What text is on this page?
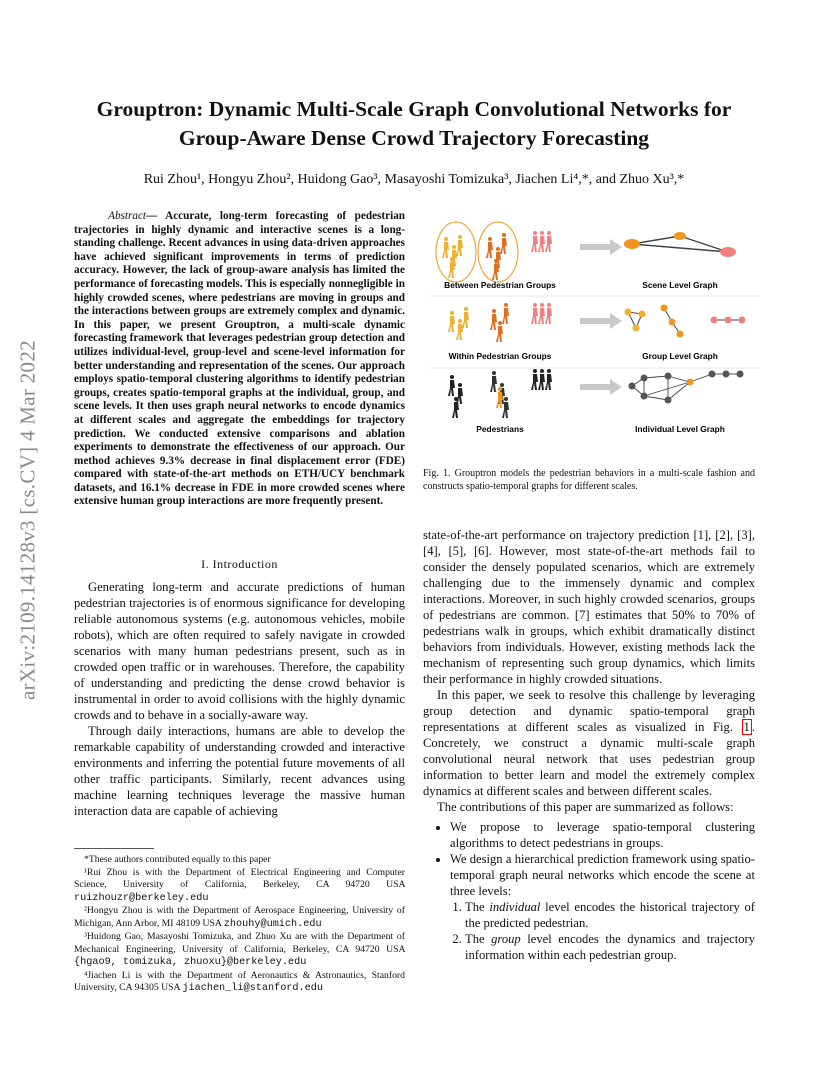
Grouptron: Dynamic Multi-Scale Graph Convolutional Networks for
Group-Aware Dense Crowd Trajectory Forecasting
Rui Zhou¹, Hongyu Zhou², Huidong Gao³, Masayoshi Tomizuka³, Jiachen Li⁴,*, and Zhuo Xu³,*
arXiv:2109.14128v3 [cs.CV] 4 Mar 2022
Abstract— Accurate, long-term forecasting of pedestrian trajectories in highly dynamic and interactive scenes is a long-standing challenge. Recent advances in using data-driven approaches have achieved significant improvements in terms of prediction accuracy. However, the lack of group-aware analysis has limited the performance of forecasting models. This is especially nonnegligible in highly crowded scenes, where pedestrians are moving in groups and the interactions between groups are extremely complex and dynamic. In this paper, we present Grouptron, a multi-scale dynamic forecasting framework that leverages pedestrian group detection and utilizes individual-level, group-level and scene-level information for better understanding and representation of the scenes. Our approach employs spatio-temporal clustering algorithms to identify pedestrian groups, creates spatio-temporal graphs at the individual, group, and scene levels. It then uses graph neural networks to encode dynamics at different scales and aggregate the embeddings for trajectory prediction. We conducted extensive comparisons and ablation experiments to demonstrate the effectiveness of our approach. Our method achieves 9.3% decrease in final displacement error (FDE) compared with state-of-the-art methods on ETH/UCY benchmark datasets, and 16.1% decrease in FDE in more crowded scenes where extensive human group interactions are more frequently present.
I. Introduction

Generating long-term and accurate predictions of human pedestrian trajectories is of enormous significance for developing reliable autonomous systems (e.g. autonomous vehicles, mobile robots), which are often required to safely navigate in crowded scenarios with many human pedestrians present, such as in crowded open traffic or in warehouses. Therefore, the capability of understanding and predicting the dense crowd behavior is instrumental in order to avoid collisions with the highly dynamic crowds and to behave in a socially-aware way.

Through daily interactions, humans are able to develop the remarkable capability of understanding crowded and interactive environments and inferring the potential future movements of all other traffic participants. Similarly, recent advances using machine learning techniques leverage the massive human interaction data are capable of achieving

*These authors contributed equally to this paper

¹Rui Zhou is with the Department of Electrical Engineering and Computer Science, University of California, Berkeley, CA 94720 USA ruizhouzr@berkeley.edu

²Hongyu Zhou is with the Department of Aerospace Engineering, University of Michigan, Ann Arbor, MI 48109 USA zhouhy@umich.edu

³Huidong Gao, Masayoshi Tomizuka, and Zhuo Xu are with the Department of Mechanical Engineering, University of California, Berkeley, CA 94720 USA {hgao9, tomizuka, zhuoxu}@berkeley.edu

⁴Jiachen Li is with the Department of Aeronautics & Astronautics, Stanford University, CA 94305 USA jiachen_li@stanford.edu

Between Pedestrian Groups	Scene Level Graph
Within Pedestrian Groups	Group Level Graph
Pedestrians	Individual Level Graph
Fig. 1. Grouptron models the pedestrian behaviors in a multi-scale fashion and constructs spatio-temporal graphs for different scales.

state-of-the-art performance on trajectory prediction [1], [2], [3], [4], [5], [6]. However, most state-of-the-art methods fail to consider the densely populated scenarios, which are extremely challenging due to the immensely dynamic and complex interactions. Moreover, in such highly crowded scenarios, groups of pedestrians are common. [7] estimates that 50% to 70% of pedestrians walk in groups, which exhibit dramatically distinct behaviors from individuals. However, existing methods lack the mechanism of representing such group dynamics, which limits their performance in highly crowded situations.

In this paper, we seek to resolve this challenge by leveraging group detection and dynamic spatio-temporal graph representations at different scales as visualized in Fig. 1 . Concretely, we construct a dynamic multi-scale graph convolutional neural network that uses pedestrian group information to better learn and model the extremely complex dynamics at different scales and between different scales.

The contributions of this paper are summarized as follows:

• We propose to leverage spatio-temporal clustering algorithms to detect pedestrians in groups.
• We design a hierarchical prediction framework using spatio-temporal graph neural networks which encode the scene at three levels:
1. The individual level encodes the historical trajectory of the predicted pedestrian.
2. The group level encodes the dynamics and trajectory information within each pedestrian group.
